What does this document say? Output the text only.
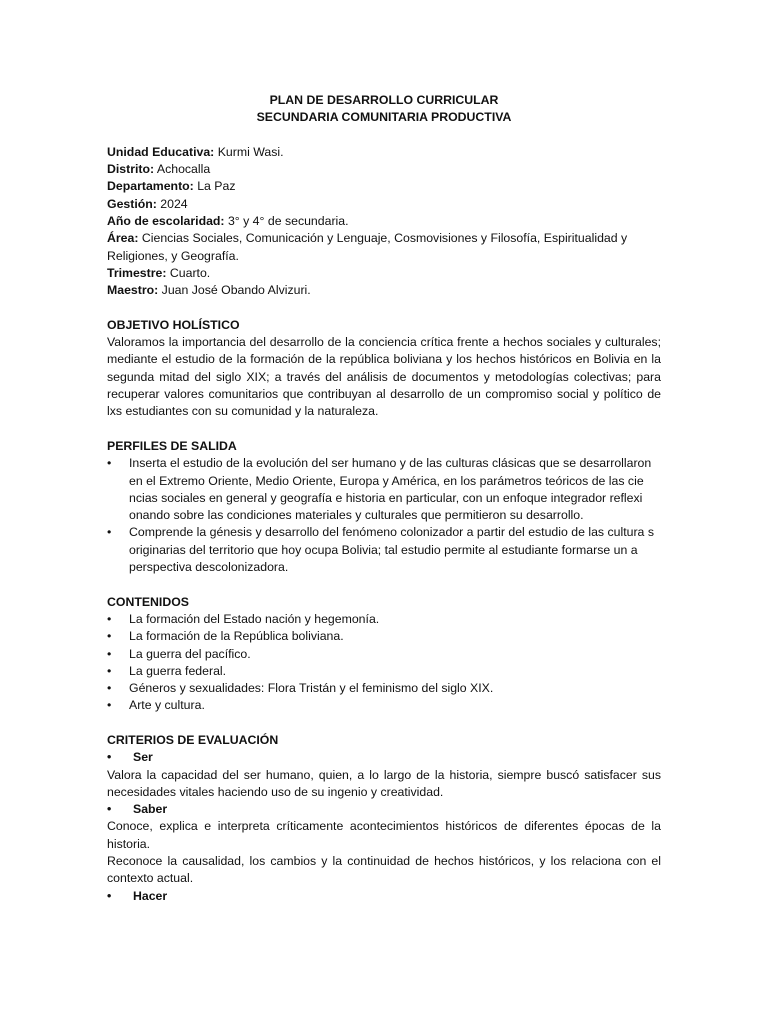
PLAN DE DESARROLLO CURRICULAR

SECUNDARIA COMUNITARIA PRODUCTIVA

Unidad Educativa: Kurmi Wasi.

Distrito: Achocalla

Departamento: La Paz

Gestión: 2024

Año de escolaridad: 3° y 4° de secundaria.

Área: Ciencias Sociales, Comunicación y Lenguaje, Cosmovisiones y Filosofía, Espiritualidad y Religiones, y Geografía.

Trimestre: Cuarto.

Maestro: Juan José Obando Alvizuri.

OBJETIVO HOLÍSTICO

Valoramos la importancia del desarrollo de la conciencia crítica frente a hechos sociales y culturales; mediante el estudio de la formación de la república boliviana y los hechos históricos en Bolivia en la segunda mitad del siglo XIX; a través del análisis de documentos y metodologías colectivas; para recuperar valores comunitarios que contribuyan al desarrollo de un compromiso social y político de lxs estudiantes con su comunidad y la naturaleza.

PERFILES DE SALIDA

•	Inserta el estudio de la evolución del ser humano y de las culturas clásicas que se desarrollaron en el Extremo Oriente, Medio Oriente, Europa y América, en los parámetros teóricos de las cie ncias sociales en general y geografía e historia en particular, con un enfoque integrador reflexi onando sobre las condiciones materiales y culturales que permitieron su desarrollo.
•	Comprende la génesis y desarrollo del fenómeno colonizador a partir del estudio de las cultura s originarias del territorio que hoy ocupa Bolivia; tal estudio permite al estudiante formarse un a perspectiva descolonizadora.

CONTENIDOS

•	La formación del Estado nación y hegemonía.
•	La formación de la República boliviana.
•	La guerra del pacífico.
•	La guerra federal.
•	Géneros y sexualidades: Flora Tristán y el feminismo del siglo XIX.
•	Arte y cultura.

CRITERIOS DE EVALUACIÓN

• Ser

Valora la capacidad del ser humano, quien, a lo largo de la historia, siempre buscó satisfacer sus necesidades vitales haciendo uso de su ingenio y creatividad.

• Saber

Conoce, explica e interpreta críticamente acontecimientos históricos de diferentes épocas de la historia.

Reconoce la causalidad, los cambios y la continuidad de hechos históricos, y los relaciona con el contexto actual.

• Hacer
